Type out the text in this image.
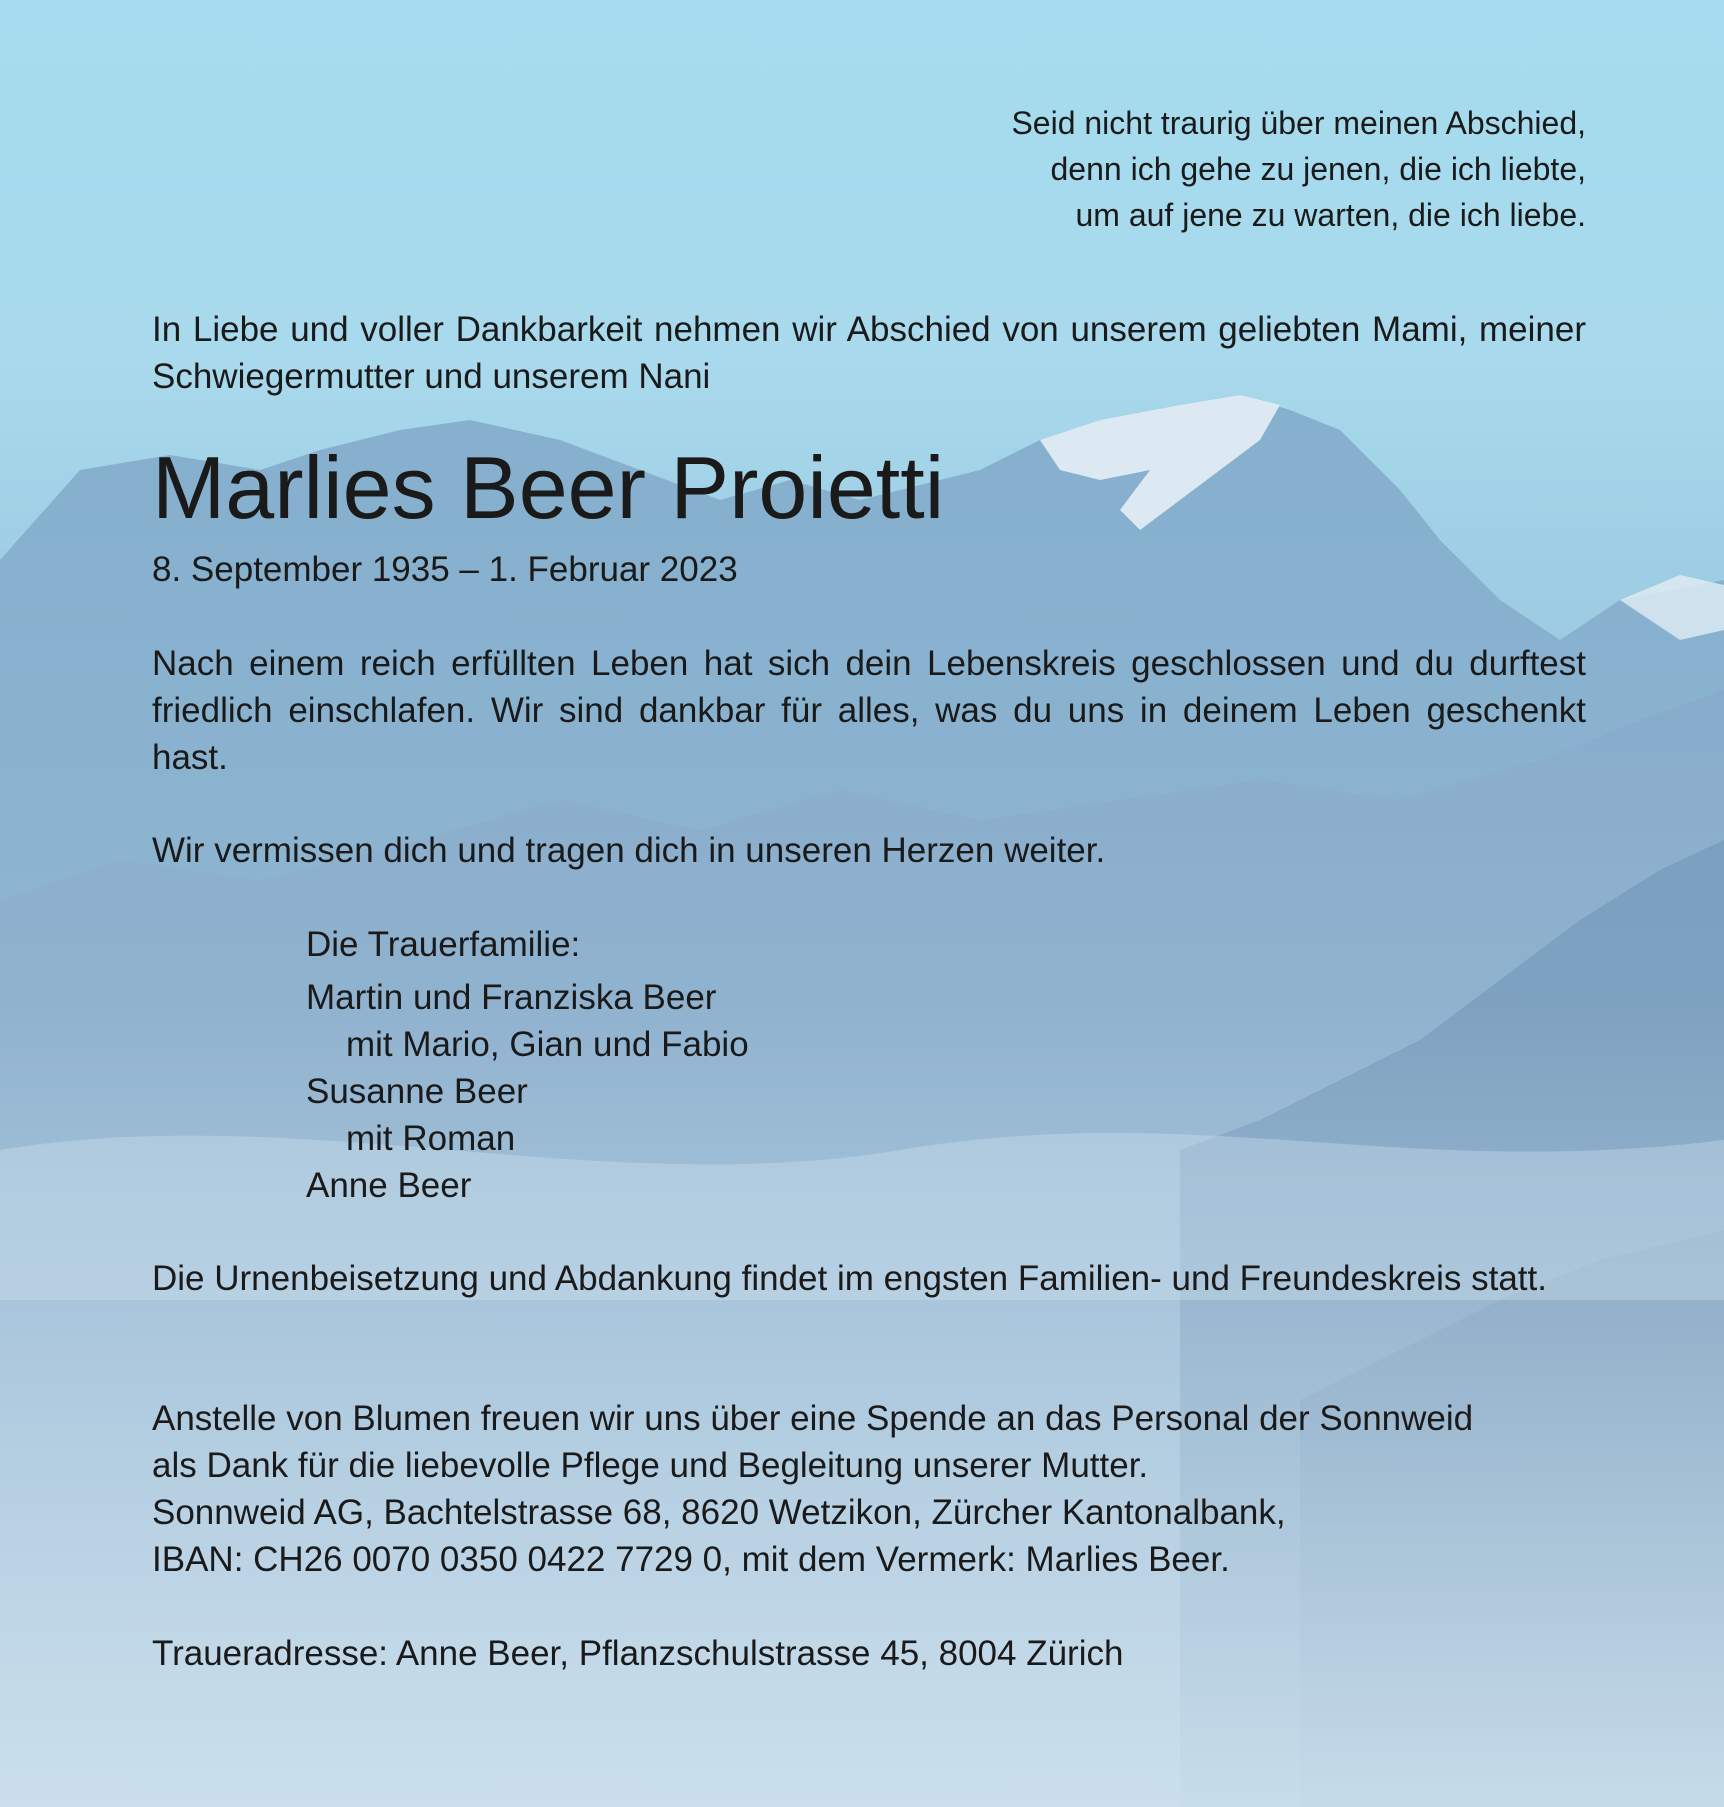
Seid nicht traurig über meinen Abschied,
denn ich gehe zu jenen, die ich liebte,
um auf jene zu warten, die ich liebe.
In Liebe und voller Dankbarkeit nehmen wir Abschied von unserem geliebten Mami, meiner Schwiegermutter und unserem Nani
Marlies Beer Proietti
8. September 1935 – 1. Februar 2023
Nach einem reich erfüllten Leben hat sich dein Lebenskreis geschlossen und du durftest friedlich einschlafen. Wir sind dankbar für alles, was du uns in deinem Leben geschenkt hast.
Wir vermissen dich und tragen dich in unseren Herzen weiter.
Die Trauerfamilie:
Martin und Franziska Beer
mit Mario, Gian und Fabio
Susanne Beer
mit Roman
Anne Beer
Die Urnenbeisetzung und Abdankung findet im engsten Familien- und Freundeskreis statt.
Anstelle von Blumen freuen wir uns über eine Spende an das Personal der Sonnweid
als Dank für die liebevolle Pflege und Begleitung unserer Mutter.
Sonnweid AG, Bachtelstrasse 68, 8620 Wetzikon, Zürcher Kantonalbank,
IBAN: CH26 0070 0350 0422 7729 0, mit dem Vermerk: Marlies Beer.
Traueradresse: Anne Beer, Pflanzschulstrasse 45, 8004 Zürich
